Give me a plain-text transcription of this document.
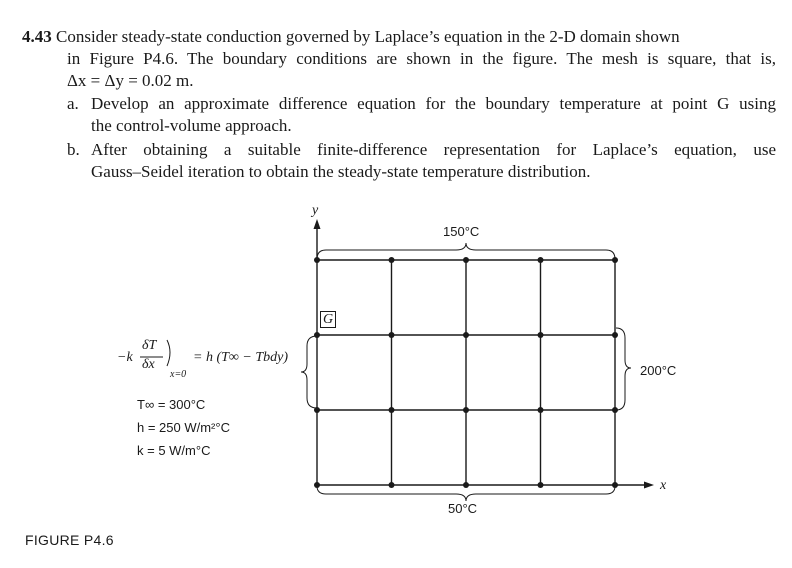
4.43 Consider steady-state conduction governed by Laplace’s equation in the 2-D domain shown
in Figure P4.6. The boundary conditions are shown in the figure. The mesh is square, that is,
Δx = Δy = 0.02 m.
a. Develop an approximate difference equation for the boundary temperature at point G using
the control-volume approach.
b. After obtaining a suitable finite-difference representation for Laplace’s equation, use
Gauss–Seidel iteration to obtain the steady-state temperature distribution.
y
x
150°C
200°C
50°C
G
−k
δT
δx
x=0
= h (T∞ − Tbdy)
T∞ = 300°C
h = 250 W/m²°C
k = 5 W/m°C
FIGURE P4.6
